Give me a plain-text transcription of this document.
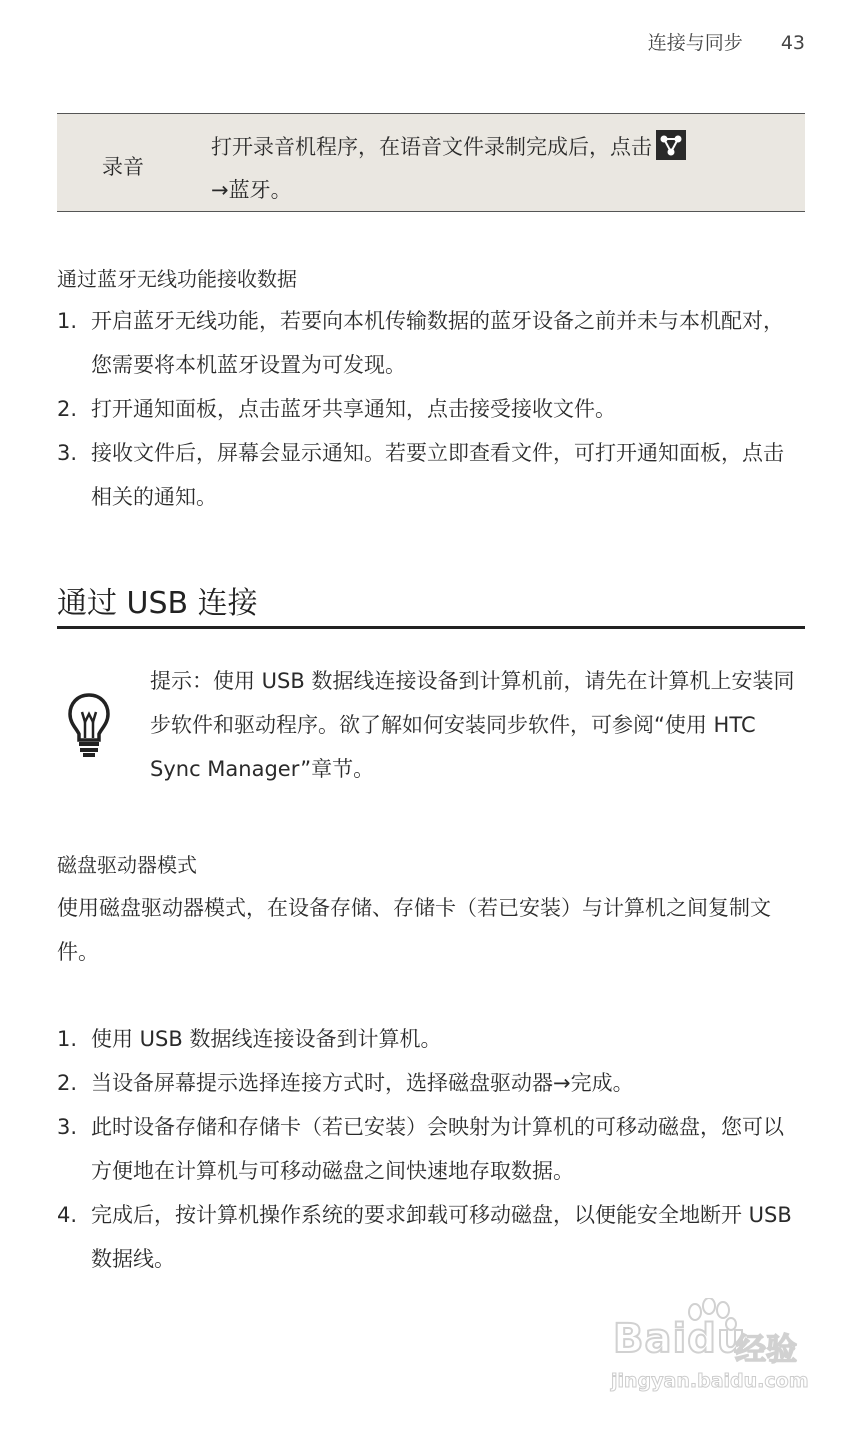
连接与同步 43
录音
打开录音机程序，在语音文件录制完成后，点击

→蓝牙。
通过蓝牙无线功能接收数据
1. 开启蓝牙无线功能，若要向本机传输数据的蓝牙设备之前并未与本机配对，您需要将本机蓝牙设置为可发现。
2. 打开通知面板，点击蓝牙共享通知，点击接受接收文件。
3. 接收文件后，屏幕会显示通知。若要立即查看文件，可打开通知面板，点击相关的通知。
通过 USB 连接
提示：使用 USB 数据线连接设备到计算机前，请先在计算机上安装同步软件和驱动程序。欲了解如何安装同步软件，可参阅“使用 HTC Sync Manager”章节。
磁盘驱动器模式
使用磁盘驱动器模式，在设备存储、存储卡（若已安装）与计算机之间复制文件。
1. 使用 USB 数据线连接设备到计算机。
2. 当设备屏幕提示选择连接方式时，选择磁盘驱动器→完成。
3. 此时设备存储和存储卡（若已安装）会映射为计算机的可移动磁盘，您可以方便地在计算机与可移动磁盘之间快速地存取数据。
4. 完成后，按计算机操作系统的要求卸载可移动磁盘，以便能安全地断开 USB 数据线。
Baidu
经验
jingyan.baidu.com
